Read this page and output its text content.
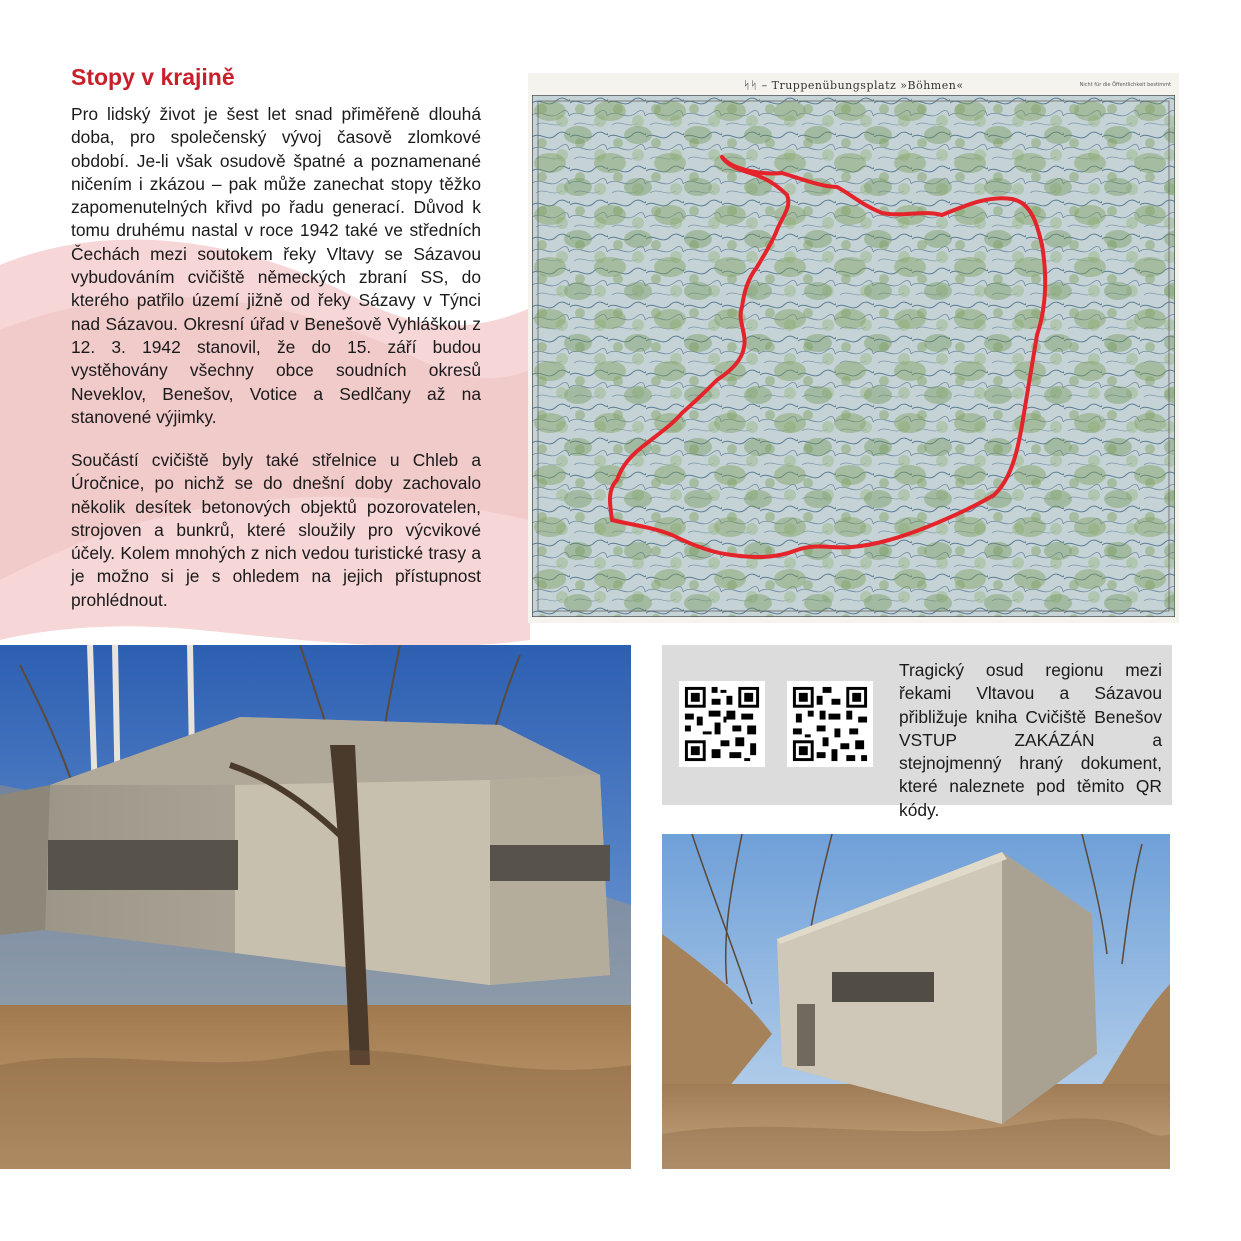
Stopy v krajině

Pro lidský život je šest let snad přiměřeně dlouhá doba, pro společenský vývoj časově zlomkové období. Je-li však osudově špatné a poznamenané ničením i zkázou – pak může zanechat stopy těžko zapomenutelných křivd po řadu generací. Důvod k tomu druhému nastal v roce 1942 také ve středních Čechách mezi soutokem řeky Vltavy se Sázavou vybudováním cvičiště německých zbraní SS, do kterého patřilo území jižně od řeky Sázavy v Týnci nad Sázavou. Okresní úřad v Benešově Vyhláškou z 12. 3. 1942 stanovil, že do 15. září budou vystěhovány všechny obce soudních okresů Neveklov, Benešov, Votice a Sedlčany až na stanovené výjimky.

Součástí cvičiště byly také střelnice u Chleb a Úročnice, po nichž se do dnešní doby zachovalo několik desítek betonových objektů pozorovatelen, strojoven a bunkrů, které sloužily pro výcvikové účely. Kolem mnohých z nich vedou turistické trasy a je možno si je s ohledem na jejich přístupnost prohlédnout.

ᛋᛋ – Truppenübungsplatz »Böhmen«	Nicht für die Öffentlichkeit bestimmt

Tragický osud regionu mezi řekami Vltavou a Sázavou přibližuje kniha Cvičiště Benešov VSTUP ZAKÁZÁN a stejnojmenný hraný dokument, které naleznete pod těmito QR kódy.
